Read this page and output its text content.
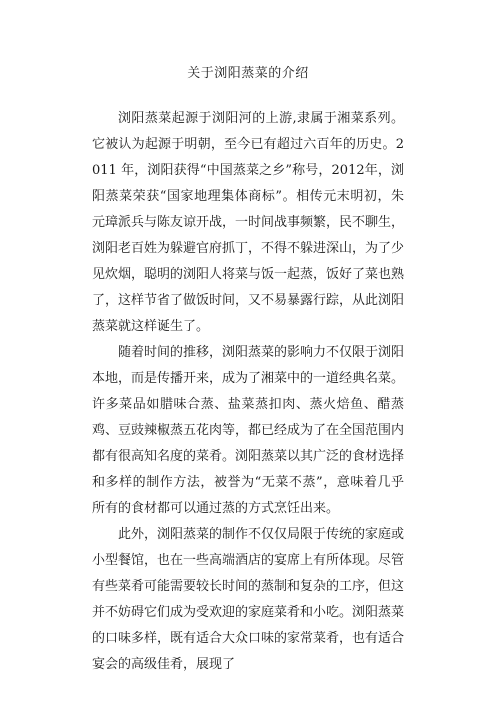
关于浏阳蒸菜的介绍

浏阳蒸菜起源于浏阳河的上游,隶属于湘菜系列。它被认为起源于明朝，至今已有超过六百年的历史。2011 年，浏阳获得“中国蒸菜之乡”称号，2012年，浏阳蒸菜荣获“国家地理集体商标”。相传元末明初，朱元璋派兵与陈友谅开战，一时间战事频繁，民不聊生，浏阳老百姓为躲避官府抓丁，不得不躲进深山，为了少见炊烟，聪明的浏阳人将菜与饭一起蒸，饭好了菜也熟了，这样节省了做饭时间，又不易暴露行踪，从此浏阳蒸菜就这样诞生了。

随着时间的推移，浏阳蒸菜的影响力不仅限于浏阳本地，而是传播开来，成为了湘菜中的一道经典名菜。许多菜品如腊味合蒸、盐菜蒸扣肉、蒸火焙鱼、醋蒸鸡、豆豉辣椒蒸五花肉等，都已经成为了在全国范围内都有很高知名度的菜肴。浏阳蒸菜以其广泛的食材选择和多样的制作方法，被誉为“无菜不蒸”，意味着几乎所有的食材都可以通过蒸的方式烹饪出来。

此外，浏阳蒸菜的制作不仅仅局限于传统的家庭或小型餐馆，也在一些高端酒店的宴席上有所体现。尽管有些菜肴可能需要较长时间的蒸制和复杂的工序，但这并不妨碍它们成为受欢迎的家庭菜肴和小吃。浏阳蒸菜的口味多样，既有适合大众口味的家常菜肴，也有适合宴会的高级佳肴，展现了
